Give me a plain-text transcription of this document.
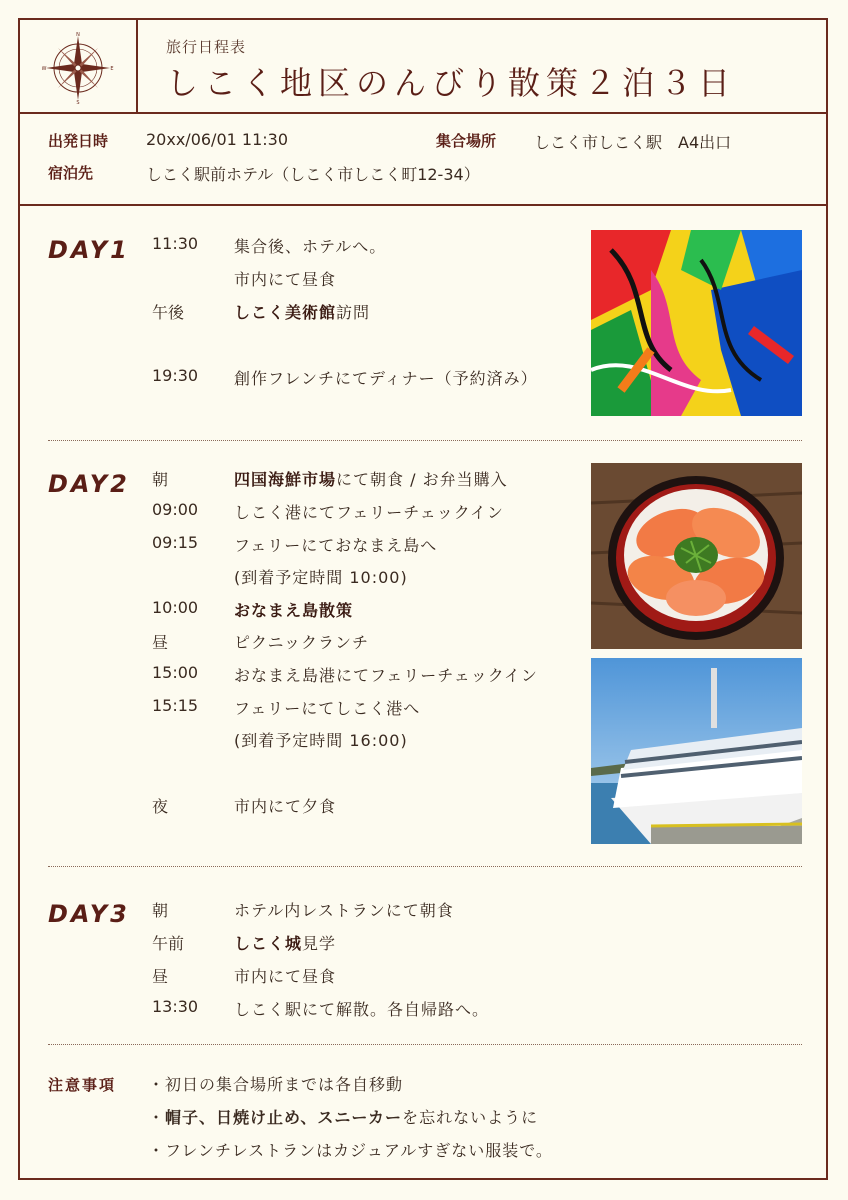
N
S
W	E
旅行日程表
しこく地区のんびり散策２泊３日
出発日時 20xx/06/01 11:30	集合場所 しこく市しこく駅　A4出口
宿泊先	しこく駅前ホテル（しこく市しこく町12-34）
DAY1 11:30	集合後、ホテルへ。
市内にて昼食
午後	しこく美術館訪問
19:30	創作フレンチにてディナー（予約済み）
DAY2 朝	四国海鮮市場にて朝食 / お弁当購入
09:00	しこく港にてフェリーチェックイン
09:15	フェリーにておなまえ島へ
(到着予定時間 10:00)
10:00	おなまえ島散策
昼	ピクニックランチ
15:00	おなまえ島港にてフェリーチェックイン
15:15	フェリーにてしこく港へ
(到着予定時間 16:00)
夜	市内にて夕食
DAY3 朝	ホテル内レストランにて朝食
午前	しこく城見学
昼	市内にて昼食
13:30	しこく駅にて解散。各自帰路へ。
注意事項 ・初日の集合場所までは各自移動
・帽子、日焼け止め、スニーカーを忘れないように
・フレンチレストランはカジュアルすぎない服装で。
